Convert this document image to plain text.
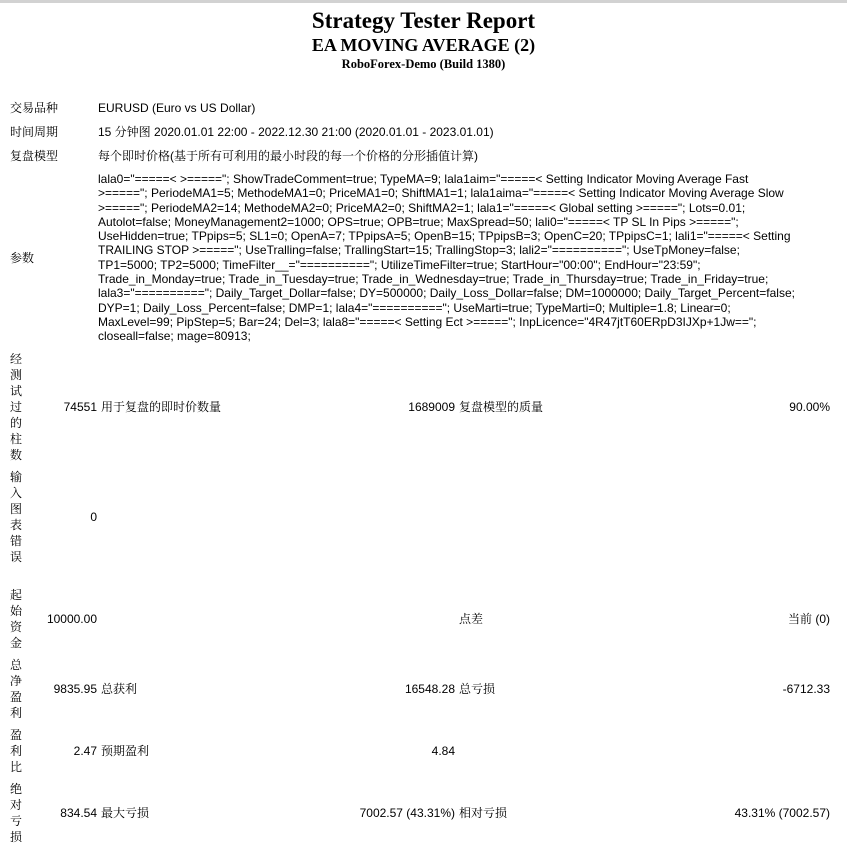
Strategy Tester Report
EA MOVING AVERAGE (2)
RoboForex-Demo (Build 1380)
交易品种	EURUSD (Euro vs US Dollar)
时间周期	15 分钟图 2020.01.01 22:00 - 2022.12.30 21:00 (2020.01.01 - 2023.01.01)
复盘模型	每个即时价格(基于所有可利用的最小时段的每一个价格的分形插值计算)
参数	
lala0="=====< >====="; ShowTradeComment=true; TypeMA=9; lala1aim="=====< Setting Indicator Moving Average Fast
>====="; PeriodeMA1=5; MethodeMA1=0; PriceMA1=0; ShiftMA1=1; lala1aima="=====< Setting Indicator Moving Average Slow
>====="; PeriodeMA2=14; MethodeMA2=0; PriceMA2=0; ShiftMA2=1; lala1="=====< Global setting >====="; Lots=0.01;
Autolot=false; MoneyManagement2=1000; OPS=true; OPB=true; MaxSpread=50; lali0="=====< TP SL In Pips >=====";
UseHidden=true; TPpips=5; SL1=0; OpenA=7; TPpipsA=5; OpenB=15; TPpipsB=3; OpenC=20; TPpipsC=1; lali1="=====< Setting
TRAILING STOP >====="; UseTralling=false; TrallingStart=15; TrallingStop=3; lali2="=========="; UseTpMoney=false;
TP1=5000; TP2=5000; TimeFilter__="=========="; UtilizeTimeFilter=true; StartHour="00:00"; EndHour="23:59";
Trade_in_Monday=true; Trade_in_Tuesday=true; Trade_in_Wednesday=true; Trade_in_Thursday=true; Trade_in_Friday=true;
lala3="=========="; Daily_Target_Dollar=false; DY=500000; Daily_Loss_Dollar=false; DM=1000000; Daily_Target_Percent=false;
DYP=1; Daily_Loss_Percent=false; DMP=1; lala4="=========="; UseMarti=true; TypeMarti=0; Multiple=1.8; Linear=0;
MaxLevel=99; PipStep=5; Bar=24; Del=3; lala8="=====< Setting Ect >====="; InpLicence="4R47jtT60ERpD3IJXp+1Jw==";
closeall=false; mage=80913;
经测试过的柱数	74551	用于复盘的即时价数量	1689009	复盘模型的质量	90.00%
输入图表错误	0				

起始资金	10000.00			点差	当前 (0)
总净盈利	9835.95	总获利	16548.28	总亏损	-6712.33
盈利比	2.47	预期盈利	4.84		
绝对亏损	834.54	最大亏损	7002.57 (43.31%)	相对亏损	43.31% (7002.57)
